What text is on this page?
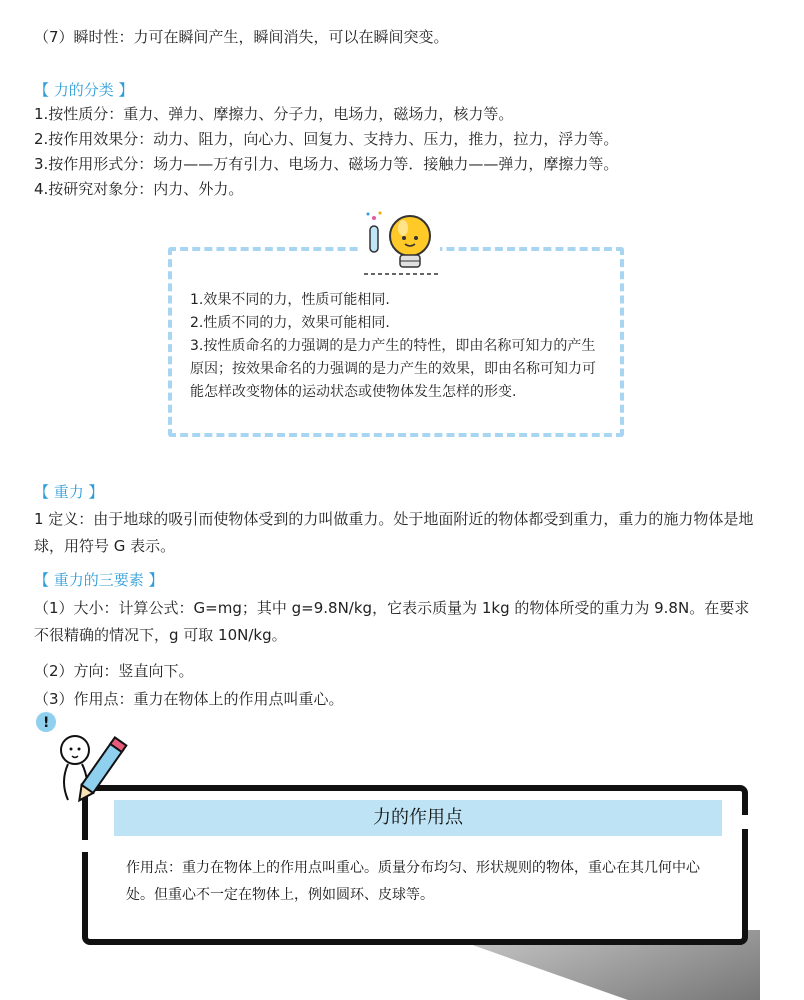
（7）瞬时性：力可在瞬间产生，瞬间消失，可以在瞬间突变。
【 力的分类 】
1.按性质分：重力、弹力、摩擦力、分子力，电场力，磁场力，核力等。
2.按作用效果分：动力、阻力，向心力、回复力、支持力、压力，推力，拉力，浮力等。
3.按作用形式分：场力——万有引力、电场力、磁场力等．接触力——弹力，摩擦力等。
4.按研究对象分：内力、外力。
1.效果不同的力，性质可能相同.
2.性质不同的力，效果可能相同.
3.按性质命名的力强调的是力产生的特性，即由名称可知力的产生原因；按效果命名的力强调的是力产生的效果，即由名称可知力可能怎样改变物体的运动状态或使物体发生怎样的形变.
【 重力 】
1 定义：由于地球的吸引而使物体受到的力叫做重力。处于地面附近的物体都受到重力，重力的施力物体是地球，用符号 G 表示。
【 重力的三要素 】
（1）大小：计算公式：G=mg；其中 g=9.8N/kg，它表示质量为 1kg 的物体所受的重力为 9.8N。在要求不很精确的情况下，g 可取 10N/kg。
（2）方向：竖直向下。
（3）作用点：重力在物体上的作用点叫重心。
力的作用点
作用点：重力在物体上的作用点叫重心。质量分布均匀、形状规则的物体，重心在其几何中心处。但重心不一定在物体上，例如圆环、皮球等。
!
